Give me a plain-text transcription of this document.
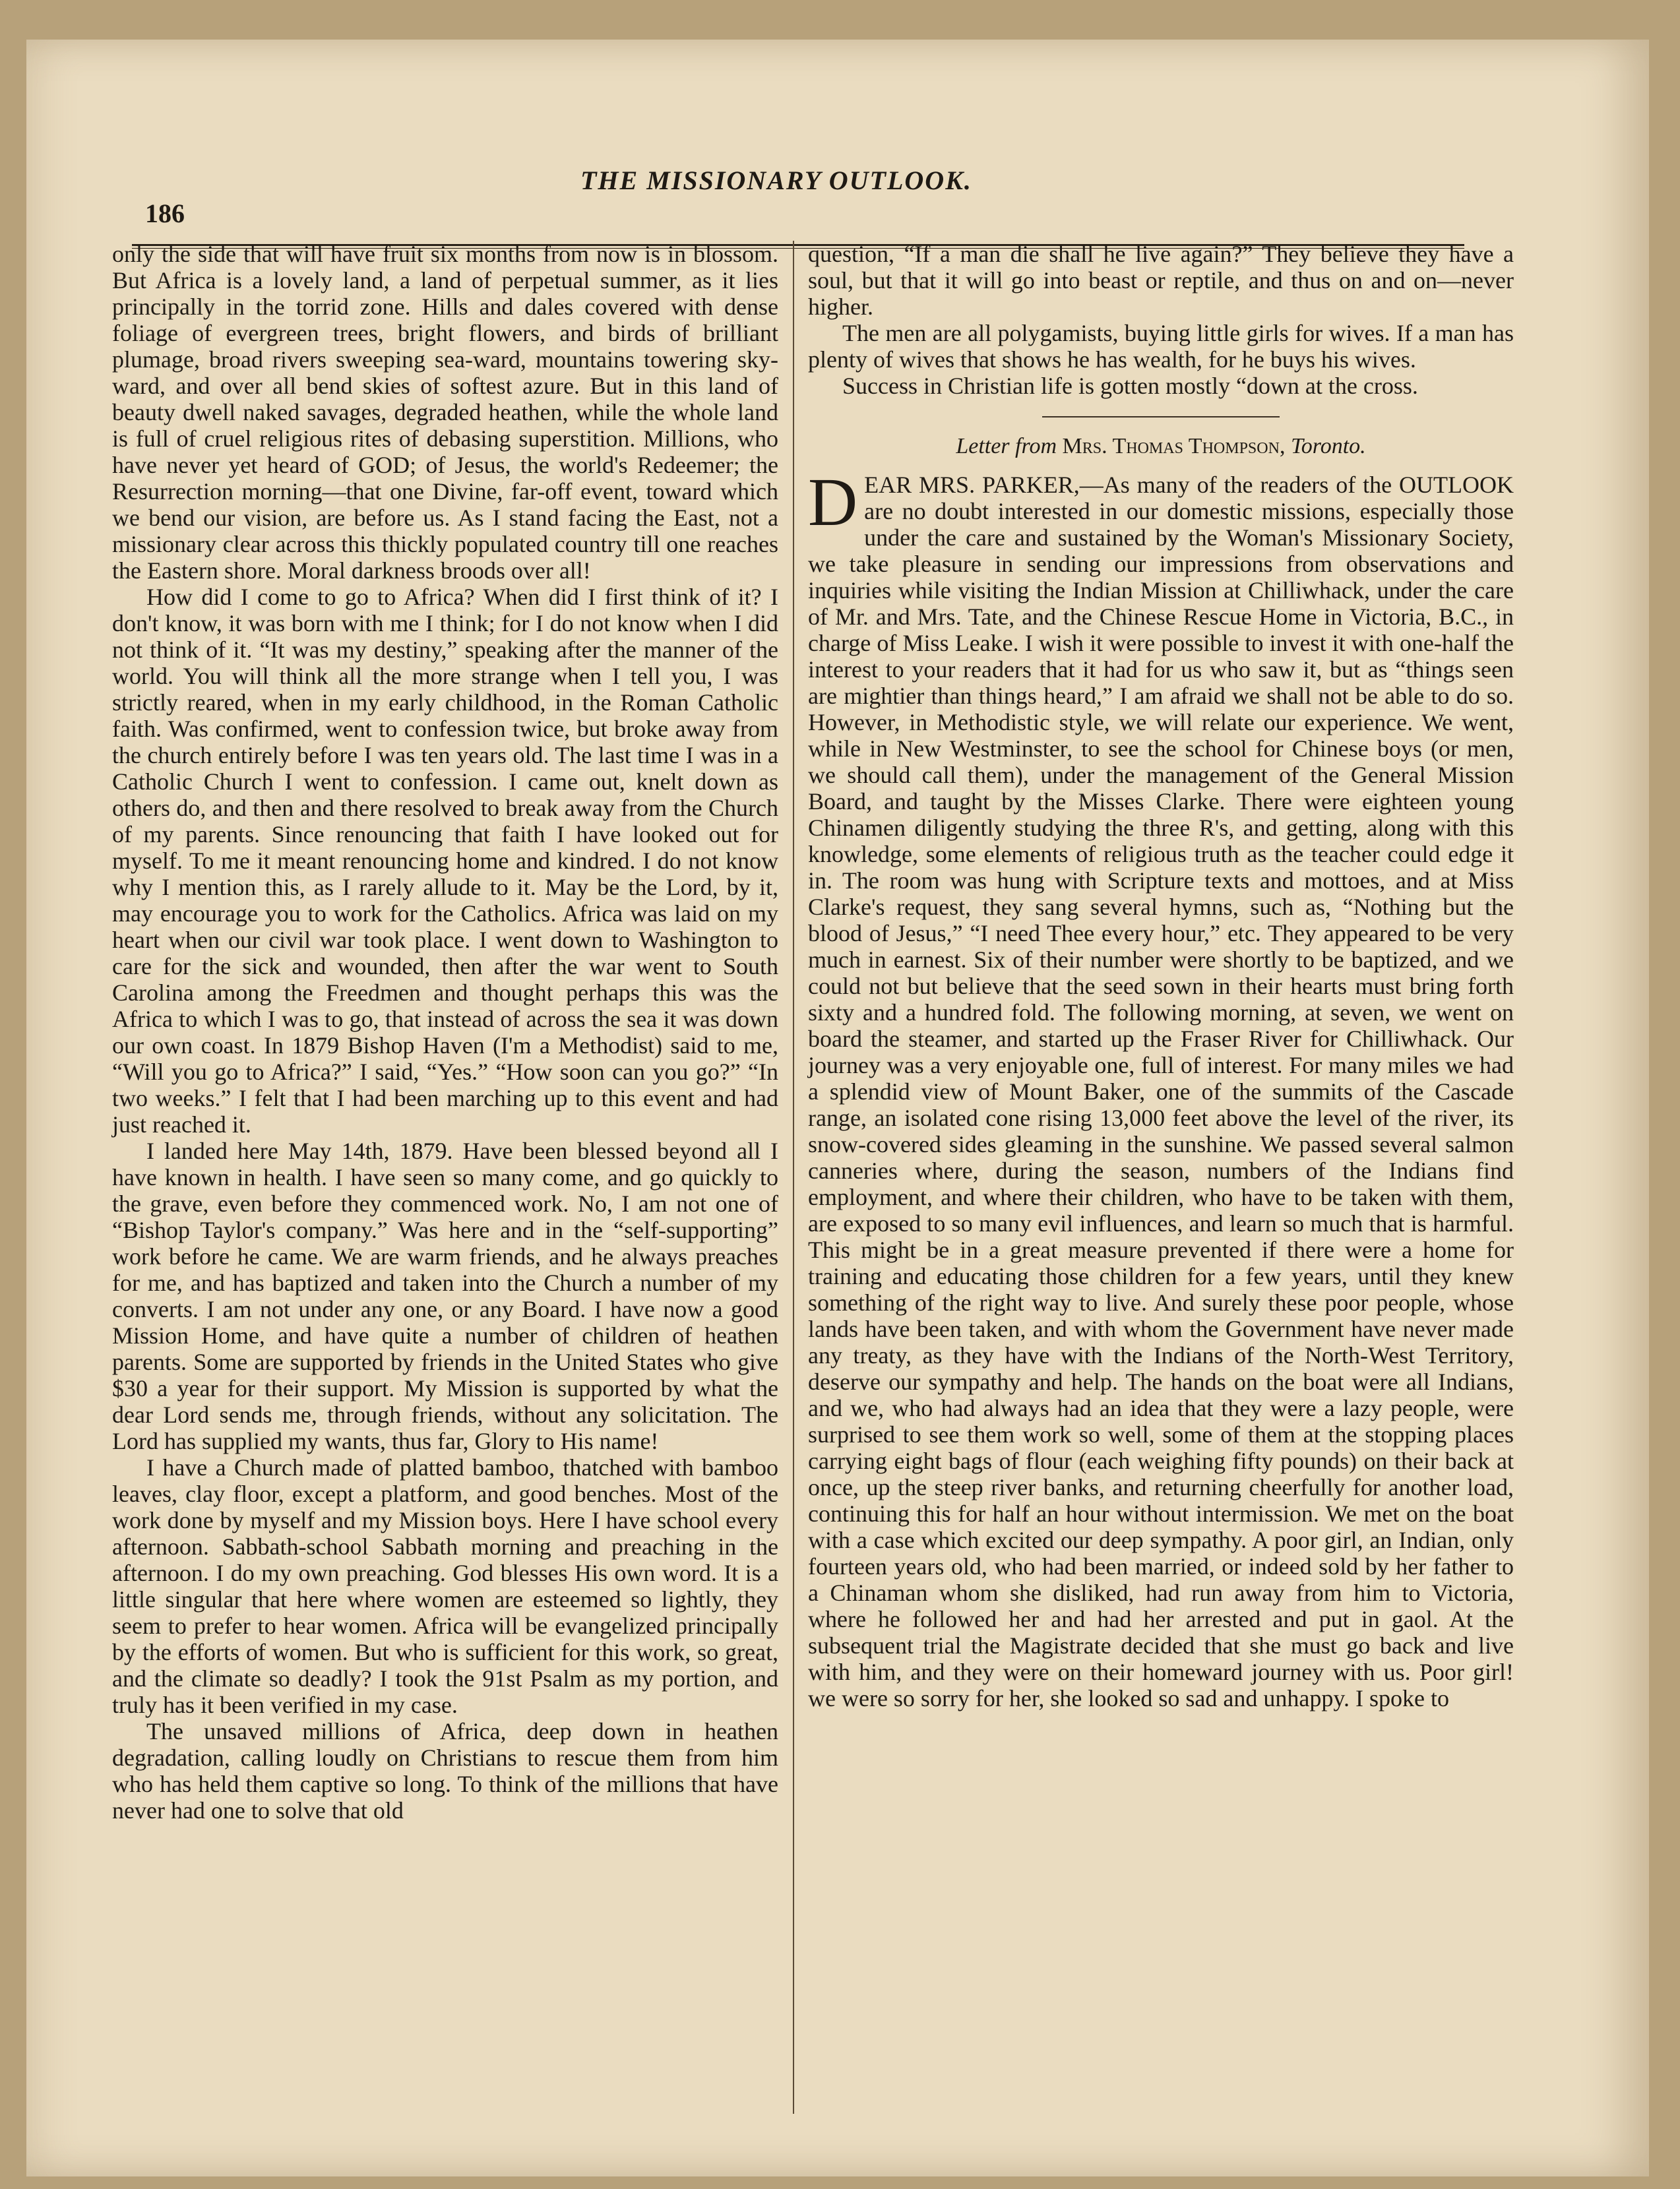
186
THE MISSIONARY OUTLOOK.

only the side that will have fruit six months from now is in blossom. But Africa is a lovely land, a land of perpetual summer, as it lies principally in the torrid zone. Hills and dales covered with dense foliage of evergreen trees, bright flowers, and birds of brilliant plumage, broad rivers sweeping sea-ward, mountains towering sky-ward, and over all bend skies of softest azure. But in this land of beauty dwell naked savages, degraded heathen, while the whole land is full of cruel religious rites of debasing superstition. Millions, who have never yet heard of GOD; of Jesus, the world's Redeemer; the Resurrection morning—that one Divine, far-off event, toward which we bend our vision, are before us. As I stand facing the East, not a missionary clear across this thickly populated country till one reaches the Eastern shore. Moral darkness broods over all!

How did I come to go to Africa? When did I first think of it? I don't know, it was born with me I think; for I do not know when I did not think of it. “It was my destiny,” speaking after the manner of the world. You will think all the more strange when I tell you, I was strictly reared, when in my early childhood, in the Roman Catholic faith. Was confirmed, went to confession twice, but broke away from the church entirely before I was ten years old. The last time I was in a Catholic Church I went to confession. I came out, knelt down as others do, and then and there resolved to break away from the Church of my parents. Since renouncing that faith I have looked out for myself. To me it meant renouncing home and kindred. I do not know why I mention this, as I rarely allude to it. May be the Lord, by it, may encourage you to work for the Catholics. Africa was laid on my heart when our civil war took place. I went down to Washington to care for the sick and wounded, then after the war went to South Carolina among the Freedmen and thought perhaps this was the Africa to which I was to go, that instead of across the sea it was down our own coast. In 1879 Bishop Haven (I'm a Methodist) said to me, “Will you go to Africa?” I said, “Yes.” “How soon can you go?” “In two weeks.” I felt that I had been marching up to this event and had just reached it.

I landed here May 14th, 1879. Have been blessed beyond all I have known in health. I have seen so many come, and go quickly to the grave, even before they commenced work. No, I am not one of “Bishop Taylor's company.” Was here and in the “self-supporting” work before he came. We are warm friends, and he always preaches for me, and has baptized and taken into the Church a number of my converts. I am not under any one, or any Board. I have now a good Mission Home, and have quite a number of children of heathen parents. Some are supported by friends in the United States who give $30 a year for their support. My Mission is supported by what the dear Lord sends me, through friends, without any solicitation. The Lord has supplied my wants, thus far, Glory to His name!

I have a Church made of platted bamboo, thatched with bamboo leaves, clay floor, except a platform, and good benches. Most of the work done by myself and my Mission boys. Here I have school every afternoon. Sabbath-school Sabbath morning and preaching in the afternoon. I do my own preaching. God blesses His own word. It is a little singular that here where women are esteemed so lightly, they seem to prefer to hear women. Africa will be evangelized principally by the efforts of women. But who is sufficient for this work, so great, and the climate so deadly? I took the 91st Psalm as my portion, and truly has it been verified in my case.

The unsaved millions of Africa, deep down in heathen degradation, calling loudly on Christians to rescue them from him who has held them captive so long. To think of the millions that have never had one to solve that old

question, “If a man die shall he live again?” They believe they have a soul, but that it will go into beast or reptile, and thus on and on—never higher.

The men are all polygamists, buying little girls for wives. If a man has plenty of wives that shows he has wealth, for he buys his wives.

Success in Christian life is gotten mostly “down at the cross.

Letter from Mrs. Thomas Thompson, Toronto.

DEAR MRS. PARKER,—As many of the readers of the OUTLOOK are no doubt interested in our domestic missions, especially those under the care and sustained by the Woman's Missionary Society, we take pleasure in sending our impressions from observations and inquiries while visiting the Indian Mission at Chilliwhack, under the care of Mr. and Mrs. Tate, and the Chinese Rescue Home in Victoria, B.C., in charge of Miss Leake. I wish it were possible to invest it with one-half the interest to your readers that it had for us who saw it, but as “things seen are mightier than things heard,” I am afraid we shall not be able to do so. However, in Methodistic style, we will relate our experience. We went, while in New Westminster, to see the school for Chinese boys (or men, we should call them), under the management of the General Mission Board, and taught by the Misses Clarke. There were eighteen young Chinamen diligently studying the three R's, and getting, along with this knowledge, some elements of religious truth as the teacher could edge it in. The room was hung with Scripture texts and mottoes, and at Miss Clarke's request, they sang several hymns, such as, “Nothing but the blood of Jesus,” “I need Thee every hour,” etc. They appeared to be very much in earnest. Six of their number were shortly to be baptized, and we could not but believe that the seed sown in their hearts must bring forth sixty and a hundred fold. The following morning, at seven, we went on board the steamer, and started up the Fraser River for Chilliwhack. Our journey was a very enjoyable one, full of interest. For many miles we had a splendid view of Mount Baker, one of the summits of the Cascade range, an isolated cone rising 13,000 feet above the level of the river, its snow-covered sides gleaming in the sunshine. We passed several salmon canneries where, during the season, numbers of the Indians find employment, and where their children, who have to be taken with them, are exposed to so many evil influences, and learn so much that is harmful. This might be in a great measure prevented if there were a home for training and educating those children for a few years, until they knew something of the right way to live. And surely these poor people, whose lands have been taken, and with whom the Government have never made any treaty, as they have with the Indians of the North-West Territory, deserve our sympathy and help. The hands on the boat were all Indians, and we, who had always had an idea that they were a lazy people, were surprised to see them work so well, some of them at the stopping places carrying eight bags of flour (each weighing fifty pounds) on their back at once, up the steep river banks, and returning cheerfully for another load, continuing this for half an hour without intermission. We met on the boat with a case which excited our deep sympathy. A poor girl, an Indian, only fourteen years old, who had been married, or indeed sold by her father to a Chinaman whom she disliked, had run away from him to Victoria, where he followed her and had her arrested and put in gaol. At the subsequent trial the Magistrate decided that she must go back and live with him, and they were on their homeward journey with us. Poor girl! we were so sorry for her, she looked so sad and unhappy. I spoke to
